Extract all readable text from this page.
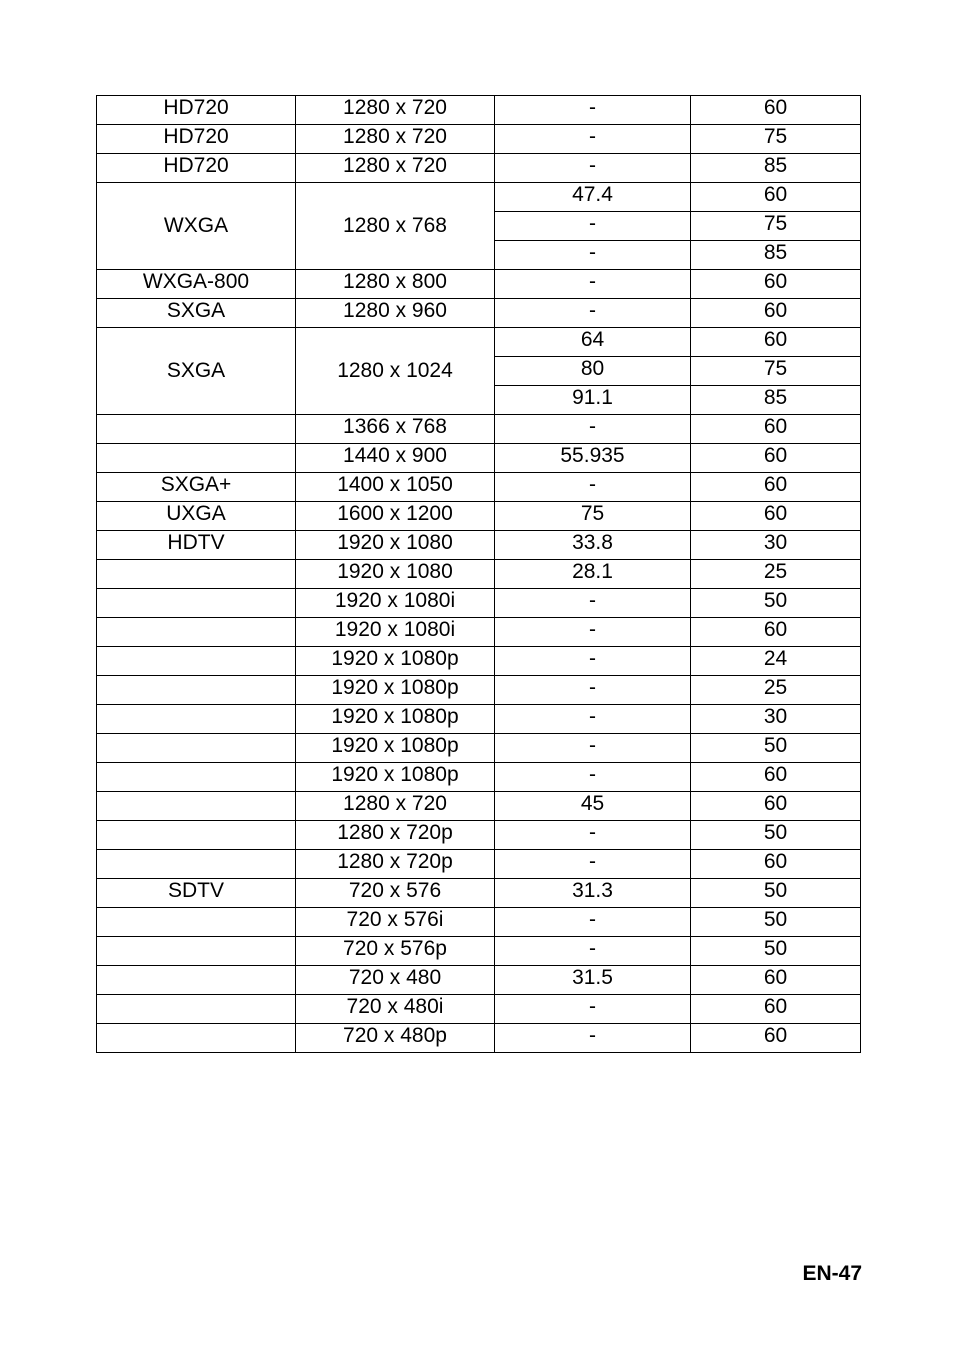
HD720	1280 x 720	-	60
HD720	1280 x 720	-	75
HD720	1280 x 720	-	85
WXGA	1280 x 768	47.4	60
		-	75
		-	85
WXGA-800	1280 x 800	-	60
SXGA	1280 x 960	-	60
SXGA	1280 x 1024	64	60
		80	75
		91.1	85
	1366 x 768	-	60
	1440 x 900	55.935	60
SXGA+	1400 x 1050	-	60
UXGA	1600 x 1200	75	60
HDTV	1920 x 1080	33.8	30
	1920 x 1080	28.1	25
	1920 x 1080i	-	50
	1920 x 1080i	-	60
	1920 x 1080p	-	24
	1920 x 1080p	-	25
	1920 x 1080p	-	30
	1920 x 1080p	-	50
	1920 x 1080p	-	60
	1280 x 720	45	60
	1280 x 720p	-	50
	1280 x 720p	-	60
SDTV	720 x 576	31.3	50
	720 x 576i	-	50
	720 x 576p	-	50
	720 x 480	31.5	60
	720 x 480i	-	60
	720 x 480p	-	60
EN-47
